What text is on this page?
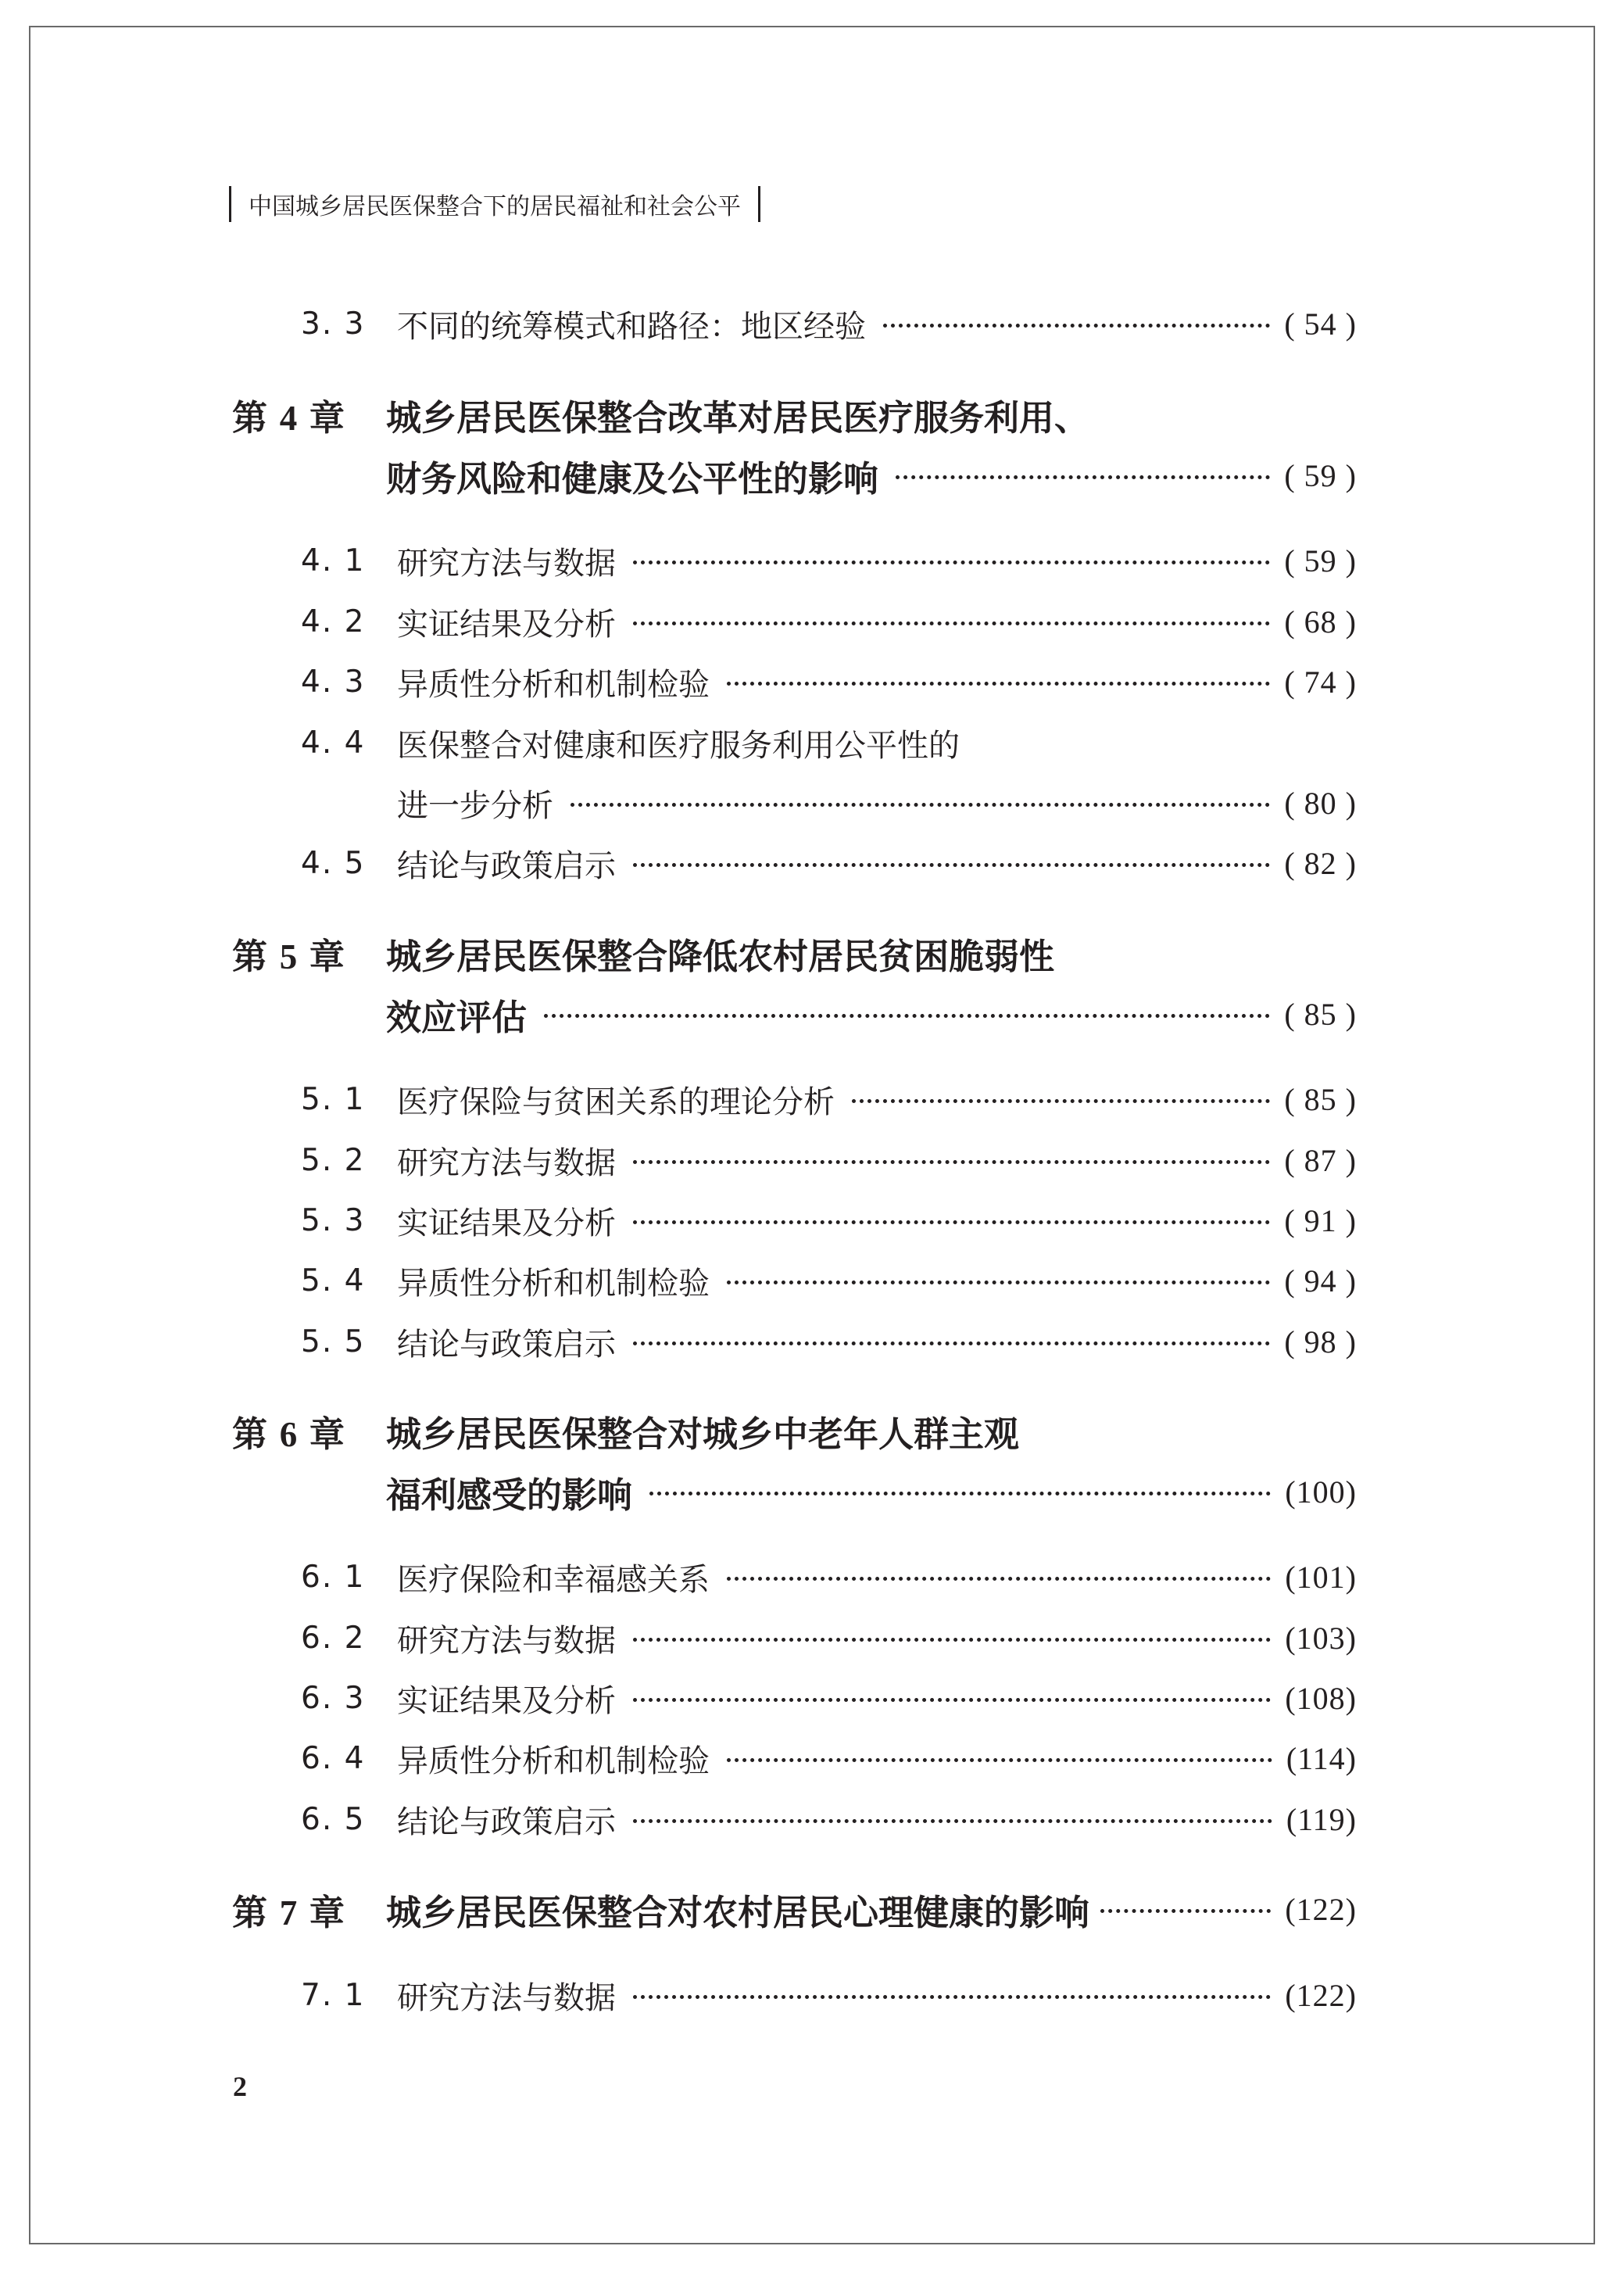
中国城乡居民医保整合下的居民福祉和社会公平
3. 3	不同的统筹模式和路径：地区经验	( 54 )
第 4 章 城乡居民医保整合改革对居民医疗服务利用、
财务风险和健康及公平性的影响	( 59 )
4. 1	研究方法与数据	( 59 )
4. 2	实证结果及分析	( 68 )
4. 3	异质性分析和机制检验	( 74 )
4. 4	医保整合对健康和医疗服务利用公平性的
进一步分析	( 80 )
4. 5	结论与政策启示	( 82 )
第 5 章 城乡居民医保整合降低农村居民贫困脆弱性
效应评估	( 85 )
5. 1	医疗保险与贫困关系的理论分析	( 85 )
5. 2	研究方法与数据	( 87 )
5. 3	实证结果及分析	( 91 )
5. 4	异质性分析和机制检验	( 94 )
5. 5	结论与政策启示	( 98 )
第 6 章 城乡居民医保整合对城乡中老年人群主观
福利感受的影响	(100)
6. 1	医疗保险和幸福感关系	(101)
6. 2	研究方法与数据	(103)
6. 3	实证结果及分析	(108)
6. 4	异质性分析和机制检验	(114)
6. 5	结论与政策启示	(119)
第 7 章 城乡居民医保整合对农村居民心理健康的影响	(122)
7. 1	研究方法与数据	(122)
2
